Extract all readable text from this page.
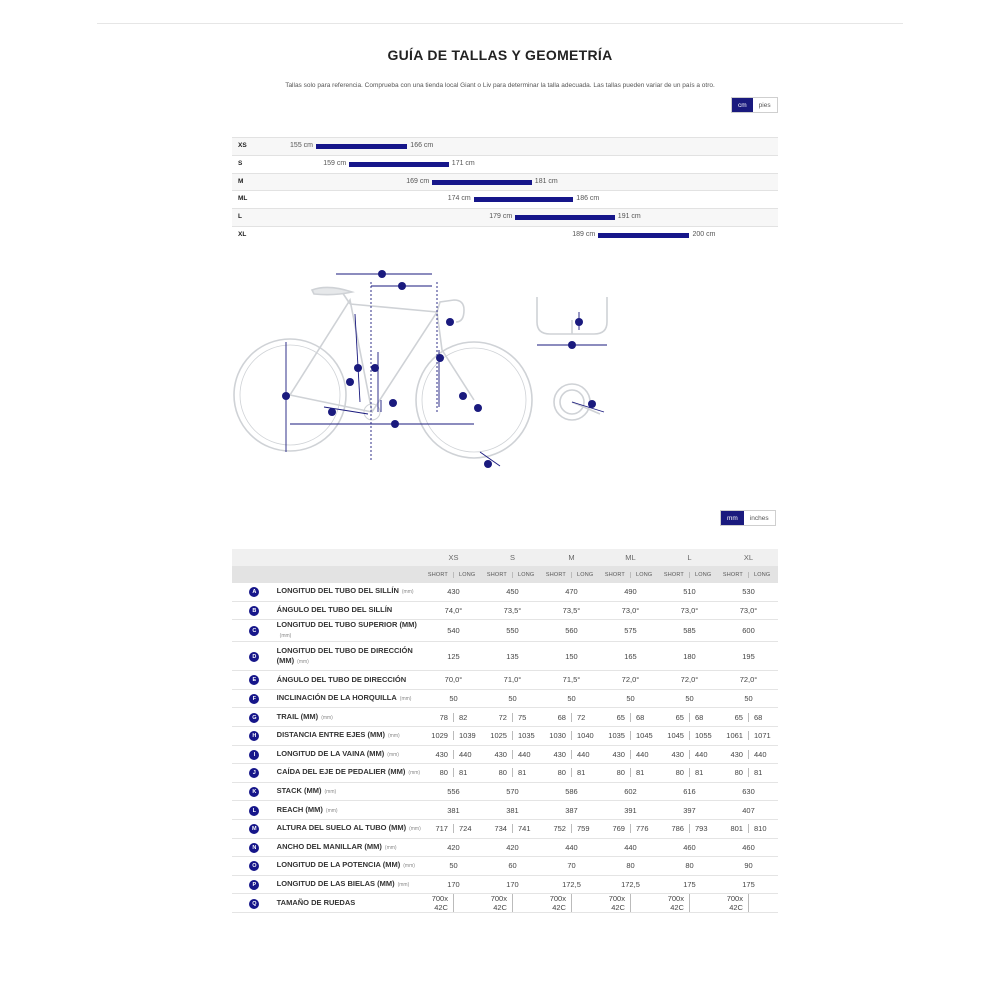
GUÍA DE TALLAS Y GEOMETRÍA
Tallas solo para referencia. Comprueba con una tienda local Giant o Liv para determinar la talla adecuada. Las tallas pueden variar de un país a otro.
cm	pies
XS	155 cm	166 cm
S	159 cm	171 cm
M	169 cm	181 cm
ML	174 cm	186 cm
L	179 cm	191 cm
XL	189 cm	200 cm
mm	inches
		XS	S	M	ML	L	XL

		SHORT LONG	SHORT LONG	SHORT LONG	SHORT LONG	SHORT LONG	SHORT LONG

A	LONGITUD DEL TUBO DEL SILLÍN (mm)	430	450	470	490	510	530
B	ÁNGULO DEL TUBO DEL SILLÍN	74,0°	73,5°	73,5°	73,0°	73,0°	73,0°
C	LONGITUD DEL TUBO SUPERIOR (MM)(mm)	540	550	560	575	585	600
D	LONGITUD DEL TUBO DE DIRECCIÓN (MM) (mm)	125	135	150	165	180	195
E	ÁNGULO DEL TUBO DE DIRECCIÓN	70,0°	71,0°	71,5°	72,0°	72,0°	72,0°
F	INCLINACIÓN DE LA HORQUILLA (mm)	50	50	50	50	50	50
G	TRAIL (MM) (mm)	78 82	72 75	68 72	65 68	65 68	65 68

H	DISTANCIA ENTRE EJES (MM) (mm)	1029 1039	1025 1035	1030 1040	1035 1045	1045 1055	1061 1071

I	LONGITUD DE LA VAINA (MM) (mm)	430 440	430 440	430 440	430 440	430 440	430 440

J	CAÍDA DEL EJE DE PEDALIER (MM) (mm)	80 81	80 81	80 81	80 81	80 81	80 81

K	STACK (MM) (mm)	556	570	586	602	616	630
L	REACH (MM) (mm)	381	381	387	391	397	407
M	ALTURA DEL SUELO AL TUBO (MM) (mm)	717 724	734 741	752 759	769 776	786 793	801 810

N	ANCHO DEL MANILLAR (MM) (mm)	420	420	440	440	460	460
O	LONGITUD DE LA POTENCIA (MM) (mm)	50	60	70	80	80	90
P	LONGITUD DE LAS BIELAS (MM) (mm)	170	170	172,5	172,5	175	175
Q	TAMAÑO DE RUEDAS	700x 42C	700x 42C	700x 42C	700x 42C	700x 42C	700x 42C
